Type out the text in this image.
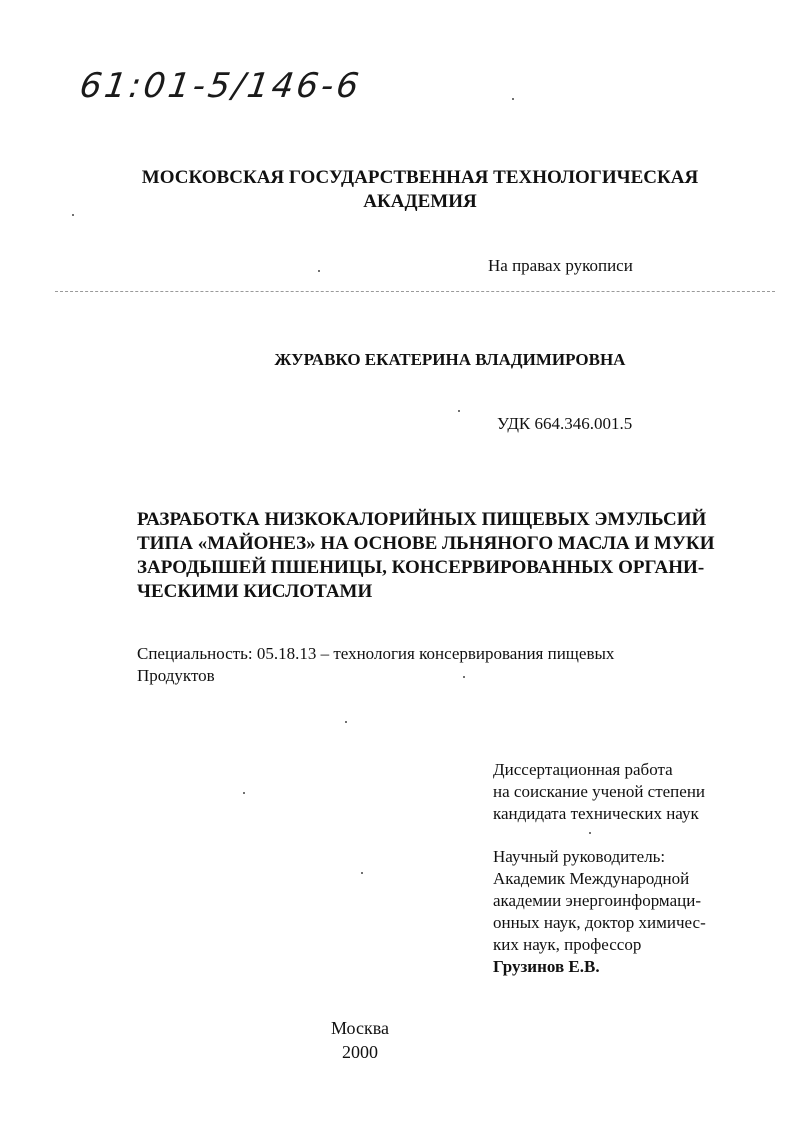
61:01-5/146-6
МОСКОВСКАЯ ГОСУДАРСТВЕННАЯ ТЕХНОЛОГИЧЕСКАЯ
АКАДЕМИЯ
На правах рукописи
ЖУРАВКО ЕКАТЕРИНА ВЛАДИМИРОВНА
УДК 664.346.001.5
РАЗРАБОТКА НИЗКОКАЛОРИЙНЫХ ПИЩЕВЫХ ЭМУЛЬСИЙ
ТИПА «МАЙОНЕЗ» НА ОСНОВЕ ЛЬНЯНОГО МАСЛА И МУКИ
ЗАРОДЫШЕЙ ПШЕНИЦЫ, КОНСЕРВИРОВАННЫХ ОРГАНИ-
ЧЕСКИМИ КИСЛОТАМИ
Специальность: 05.18.13 – технология консервирования пищевых
Продуктов
Диссертационная работа
на соискание ученой степени
кандидата технических наук
Научный руководитель:
Академик Международной
академии энергоинформаци-
онных наук, доктор химичес-
ких наук, профессор
Грузинов Е.В.
Москва
2000
